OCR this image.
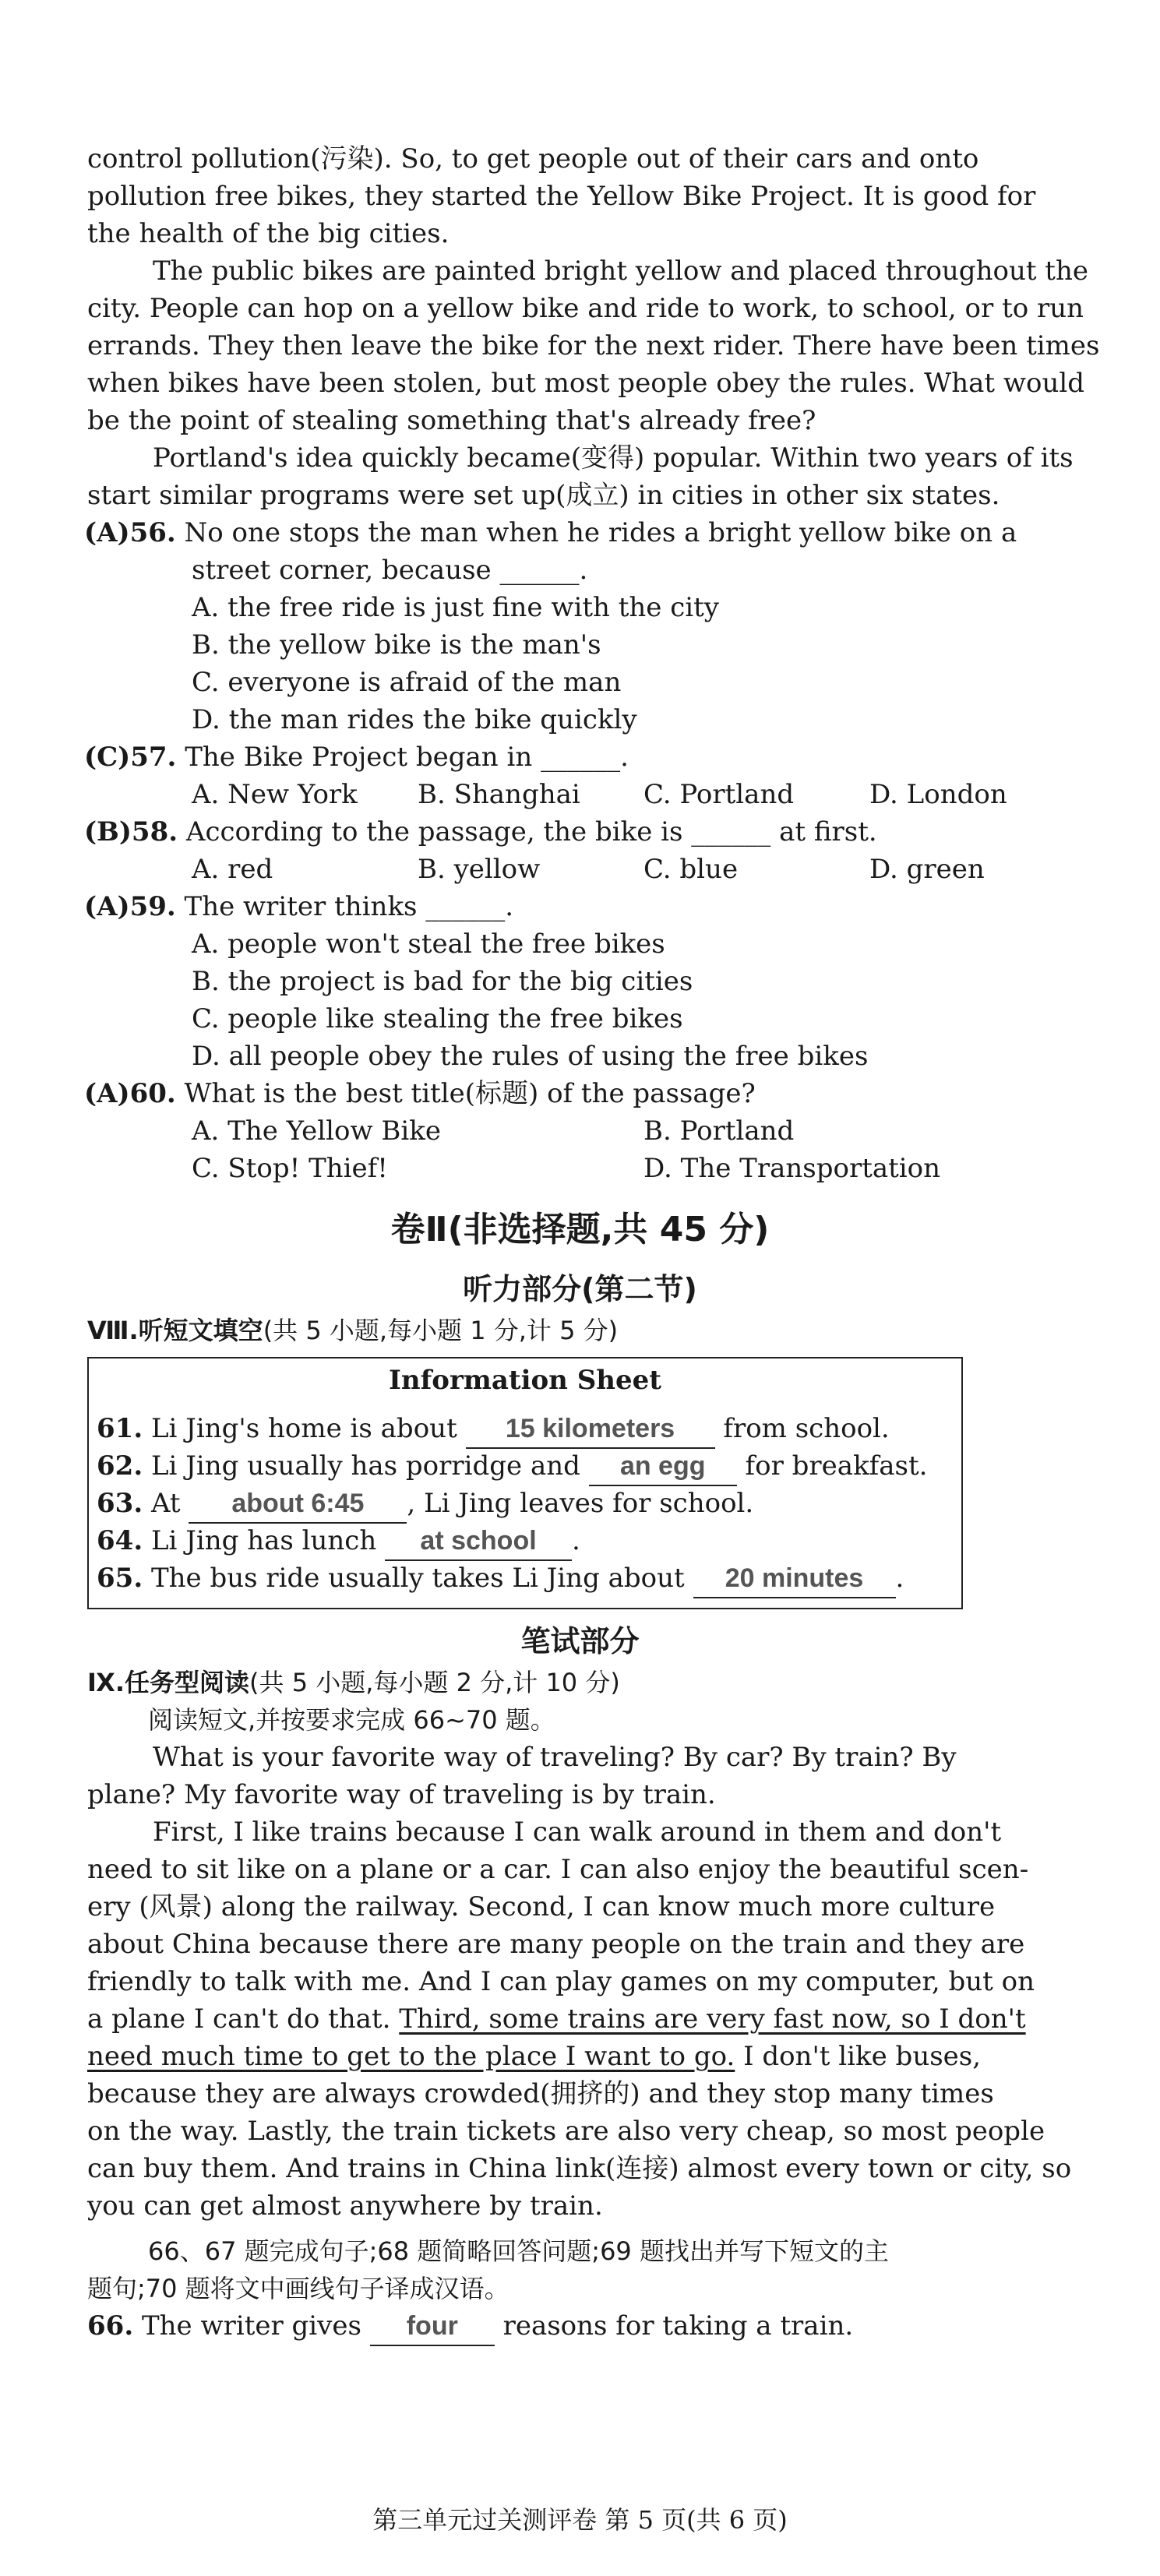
control pollution(污染). So, to get people out of their cars and onto
pollution free bikes, they started the Yellow Bike Project. It is good for
the health of the big cities.
The public bikes are painted bright yellow and placed throughout the
city. People can hop on a yellow bike and ride to work, to school, or to run
errands. They then leave the bike for the next rider. There have been times
when bikes have been stolen, but most people obey the rules. What would
be the point of stealing something that's already free?
Portland's idea quickly became(变得) popular. Within two years of its
start similar programs were set up(成立) in cities in other six states.
(A)56. No one stops the man when he rides a bright yellow bike on a
street corner, because ______.
A. the free ride is just fine with the city
B. the yellow bike is the man's
C. everyone is afraid of the man
D. the man rides the bike quickly
(C)57. The Bike Project began in ______.
A. New York B. Shanghai C. Portland	D. London
(B)58. According to the passage, the bike is ______ at first.
A. red	B. yellow	C. blue	D. green
(A)59. The writer thinks ______.
A. people won't steal the free bikes
B. the project is bad for the big cities
C. people like stealing the free bikes
D. all people obey the rules of using the free bikes
(A)60. What is the best title(标题) of the passage?
A. The Yellow Bike	B. Portland
C. Stop! Thief!	D. The Transportation
卷Ⅱ(非选择题,共 45 分)
听力部分(第二节)
Ⅷ.听短文填空(共 5 小题,每小题 1 分,计 5 分)
Information Sheet
61. Li Jing's home is about 15 kilometers from school.
62. Li Jing usually has porridge and an egg for breakfast.
63. At about 6:45 , Li Jing leaves for school.
64. Li Jing has lunch at school .
65. The bus ride usually takes Li Jing about 20 minutes .
笔试部分
Ⅸ.任务型阅读(共 5 小题,每小题 2 分,计 10 分)
阅读短文,并按要求完成 66~70 题。
What is your favorite way of traveling? By car? By train? By
plane? My favorite way of traveling is by train.
First, I like trains because I can walk around in them and don't
need to sit like on a plane or a car. I can also enjoy the beautiful scen-
ery (风景) along the railway. Second, I can know much more culture
about China because there are many people on the train and they are
friendly to talk with me. And I can play games on my computer, but on
a plane I can't do that. Third, some trains are very fast now, so I don't
need much time to get to the place I want to go. I don't like buses,
because they are always crowded(拥挤的) and they stop many times
on the way. Lastly, the train tickets are also very cheap, so most people
can buy them. And trains in China link(连接) almost every town or city, so
you can get almost anywhere by train.
66、67 题完成句子;68 题简略回答问题;69 题找出并写下短文的主
题句;70 题将文中画线句子译成汉语。
66. The writer gives four reasons for taking a train.
第三单元过关测评卷 第 5 页(共 6 页)
